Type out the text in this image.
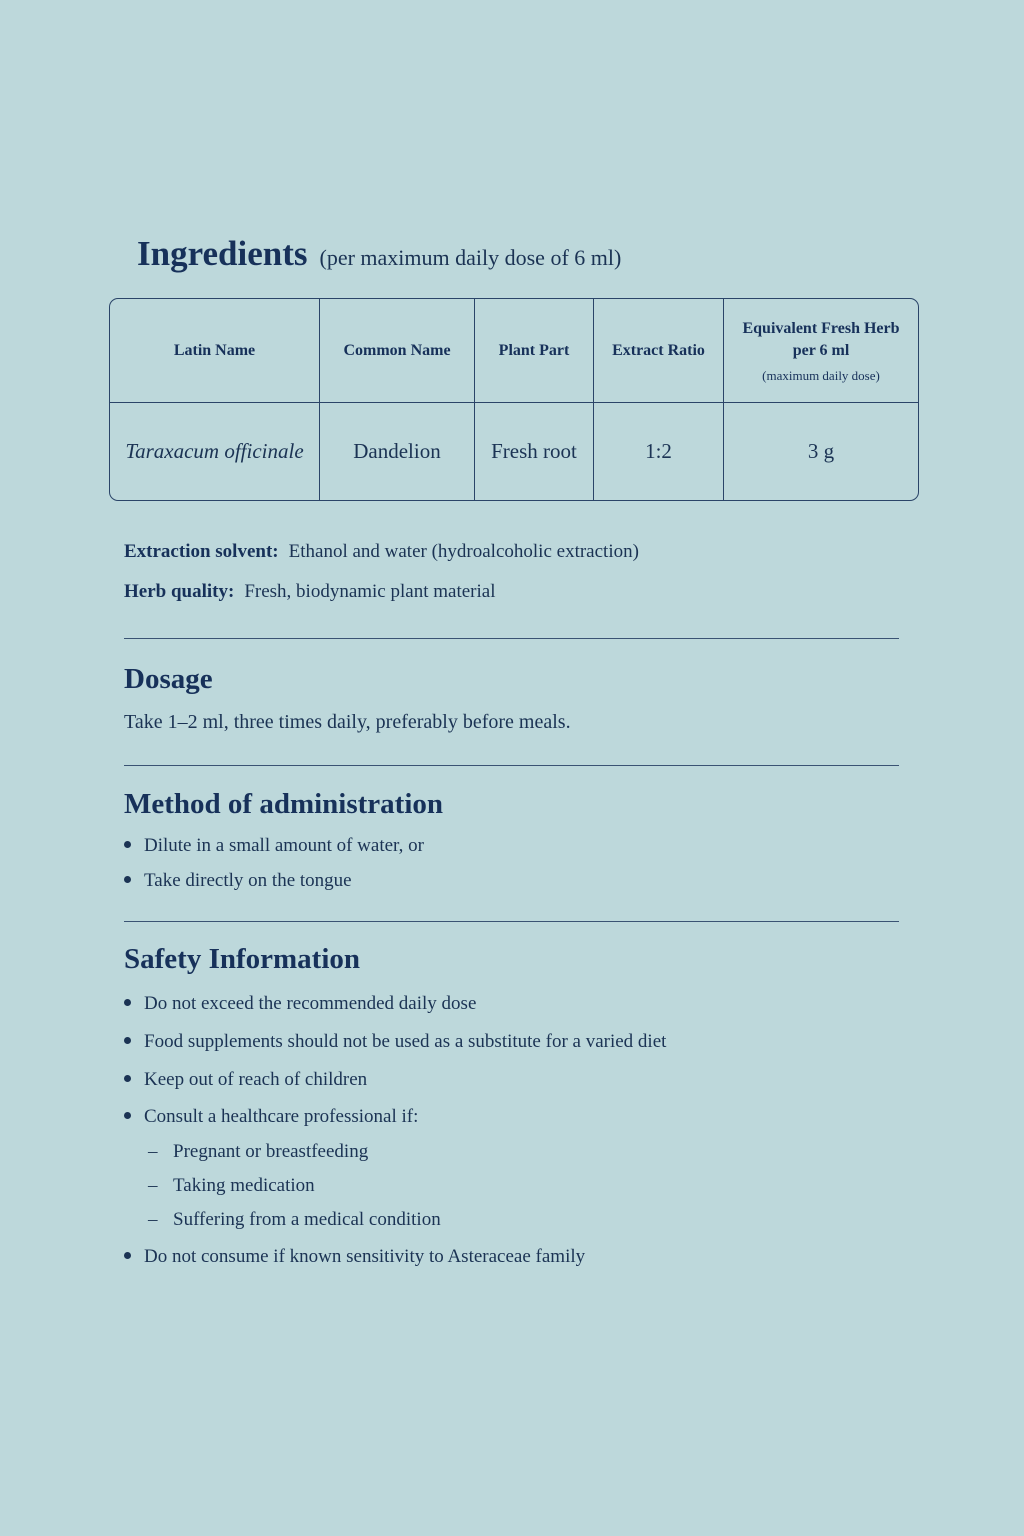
Ingredients (per maximum daily dose of 6 ml)
Latin Name	Common Name	Plant Part	Extract Ratio	Equivalent Fresh Herb per 6 ml
(maximum daily dose)

Taraxacum officinale	Dandelion	Fresh root	1:2	3 g
Extraction solvent: Ethanol and water (hydroalcoholic extraction)
Herb quality: Fresh, biodynamic plant material
Dosage
Take 1–2 ml, three times daily, preferably before meals.
Method of administration
Dilute in a small amount of water, or
Take directly on the tongue
Safety Information
Do not exceed the recommended daily dose
Food supplements should not be used as a substitute for a varied diet
Keep out of reach of children
Consult a healthcare professional if:
– Pregnant or breastfeeding
– Taking medication
– Suffering from a medical condition
Do not consume if known sensitivity to Asteraceae family
